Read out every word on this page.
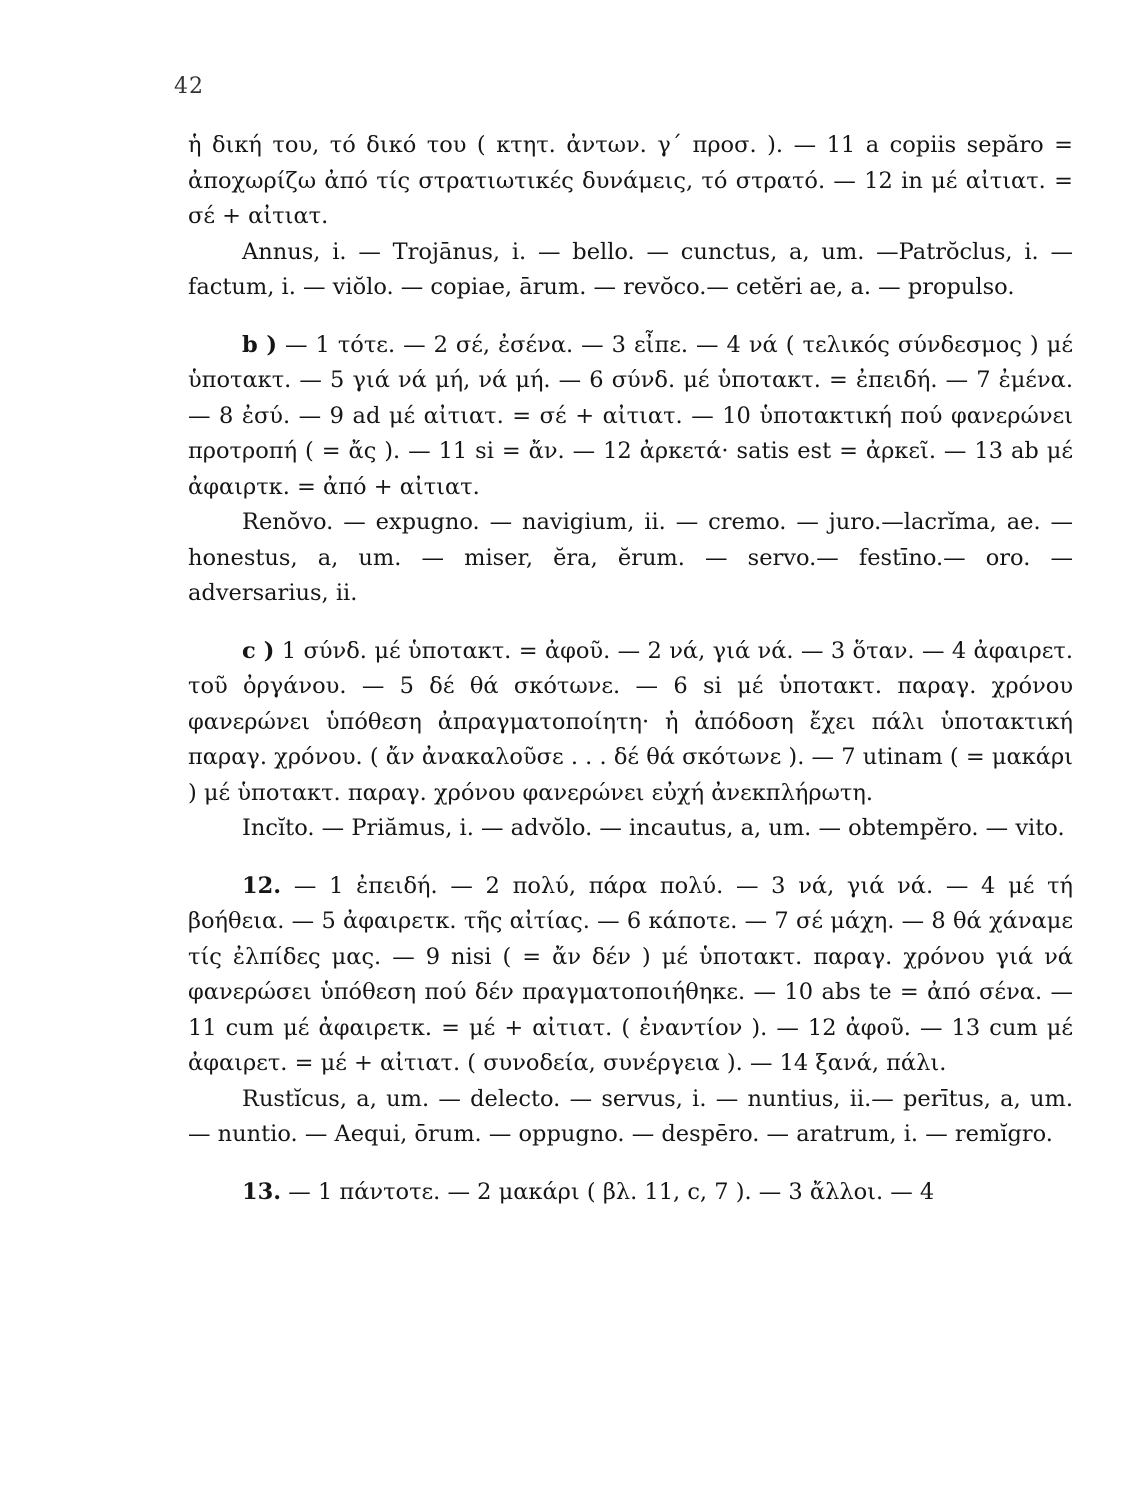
42

ἡ δική του, τό δικό του ( κτητ. ἀντων. γ΄ προσ. ). — 11 a copiis sepăro = ἀποχωρίζω ἀπό τίς στρατιωτικές δυνάμεις, τό στρατό. — 12 in μέ αἰτιατ. = σέ + αἰτιατ.

Annus, i. — Trojānus, i. — bello. — cunctus, a, um. —Patrŏclus, i. — factum, i. — viŏlo. — copiae, ārum. — revŏco.— cetĕri ae, a. — propulso.

b ) — 1 τότε. — 2 σέ, ἐσένα. — 3 εἶπε. — 4 νά ( τελικός σύνδεσμος ) μέ ὑποτακτ. — 5 γιά νά μή, νά μή. — 6 σύνδ. μέ ὑποτακτ. = ἐπειδή. — 7 ἐμένα. — 8 ἐσύ. — 9 ad μέ αἰτιατ. = σέ + αἰτιατ. — 10 ὑποτακτική πού φανερώνει προτροπή ( = ἄς ). — 11 si = ἄν. — 12 ἀρκετά· satis est = ἀρκεῖ. — 13 ab μέ ἀφαιρτκ. = ἀπό + αἰτιατ.

Renŏvo. — expugno. — navigium, ii. — cremo. — juro.—lacrĭma, ae. — honestus, a, um. — miser, ĕra, ĕrum. — servo.— festīno.— oro. — adversarius, ii.

c ) 1 σύνδ. μέ ὑποτακτ. = ἀφοῦ. — 2 νά, γιά νά. — 3 ὅταν. — 4 ἀφαιρετ. τοῦ ὀργάνου. — 5 δέ θά σκότωνε. — 6 si μέ ὑποτακτ. παραγ. χρόνου φανερώνει ὑπόθεση ἀπραγματοποίητη· ἡ ἀπόδοση ἔχει πάλι ὑποτακτική παραγ. χρόνου. ( ἄν ἀνακαλοῦσε . . . δέ θά σκότωνε ). — 7 utinam ( = μακάρι ) μέ ὑποτακτ. παραγ. χρόνου φανερώνει εὐχή ἀνεκπλήρωτη.

Incĭto. — Priămus, i. — advŏlo. — incautus, a, um. — obtempĕro. — vito.

12. — 1 ἐπειδή. — 2 πολύ, πάρα πολύ. — 3 νά, γιά νά. — 4 μέ τή βοήθεια. — 5 ἀφαιρετκ. τῆς αἰτίας. — 6 κάποτε. — 7 σέ μάχη. — 8 θά χάναμε τίς ἐλπίδες μας. — 9 nisi ( = ἄν δέν ) μέ ὑποτακτ. παραγ. χρόνου γιά νά φανερώσει ὑπόθεση πού δέν πραγματοποιήθηκε. — 10 abs te = ἀπό σένα. — 11 cum μέ ἀφαιρετκ. = μέ + αἰτιατ. ( ἐναντίον ). — 12 ἀφοῦ. — 13 cum μέ ἀφαιρετ. = μέ + αἰτιατ. ( συνοδεία, συνέργεια ). — 14 ξανά, πάλι.

Rustĭcus, a, um. — delecto. — servus, i. — nuntius, ii.— perītus, a, um. — nuntio. — Aequi, ōrum. — oppugno. — despēro. — aratrum, i. — remĭgro.

13. — 1 πάντοτε. — 2 μακάρι ( βλ. 11, c, 7 ). — 3 ἄλλοι. — 4
